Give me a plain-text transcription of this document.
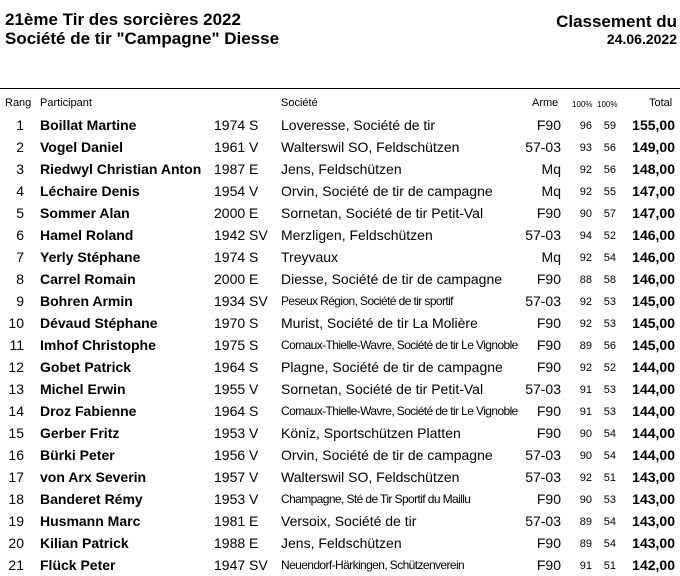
21ème Tir des sorcières 2022
Société de tir "Campagne" Diesse
Classement du
24.06.2022
Rang Participant	Société	Arme 100% 100%	Total
1 Boillat Martine	1974 S Loveresse, Société de tir	F90	96	59	155,00
2 Vogel Daniel	1961 V Walterswil SO, Feldschützen	57-03	93	56	149,00
3 Riedwyl Christian Anton 1987 E Jens, Feldschützen	Mq	92	56	148,00
4 Léchaire Denis	1954 V Orvin, Société de tir de campagne	Mq	92	55	147,00
5 Sommer Alan	2000 E Sornetan, Société de tir Petit-Val	F90	90	57	147,00
6 Hamel Roland	1942 SV Merzligen, Feldschützen	57-03	94	52	146,00
7 Yerly Stéphane	1974 S Treyvaux	Mq	92	54	146,00
8 Carrel Romain	2000 E Diesse, Société de tir de campagne	F90	88	58	146,00
9 Bohren Armin	1934 SV Peseux Région, Société de tir sportif	57-03	92	53	145,00
10 Dévaud Stéphane	1970 S Murist, Société de tir La Molière	F90	92	53	145,00
11 Imhof Christophe	1975 S Cornaux-Thielle-Wavre, Société de tir Le Vignoble	F90	89	56	145,00
12 Gobet Patrick	1964 S Plagne, Société de tir de campagne	F90	92	52	144,00
13 Michel Erwin	1955 V Sornetan, Société de tir Petit-Val	57-03	91	53	144,00
14 Droz Fabienne	1964 S Cornaux-Thielle-Wavre, Société de tir Le Vignoble	F90	91	53	144,00
15 Gerber Fritz	1953 V Köniz, Sportschützen Platten	F90	90	54	144,00
16 Bürki Peter	1956 V Orvin, Société de tir de campagne	57-03	90	54	144,00
17 von Arx Severin	1957 V Walterswil SO, Feldschützen	57-03	92	51	143,00
18 Banderet Rémy	1953 V Champagne, Sté de Tir Sportif du Maillu	F90	90	53	143,00
19 Husmann Marc	1981 E Versoix, Société de tir	57-03	89	54	143,00
20 Kilian Patrick	1988 E Jens, Feldschützen	F90	89	54	143,00
21 Flück Peter	1947 SV Neuendorf-Härkingen, Schützenverein	F90	91	51	142,00
